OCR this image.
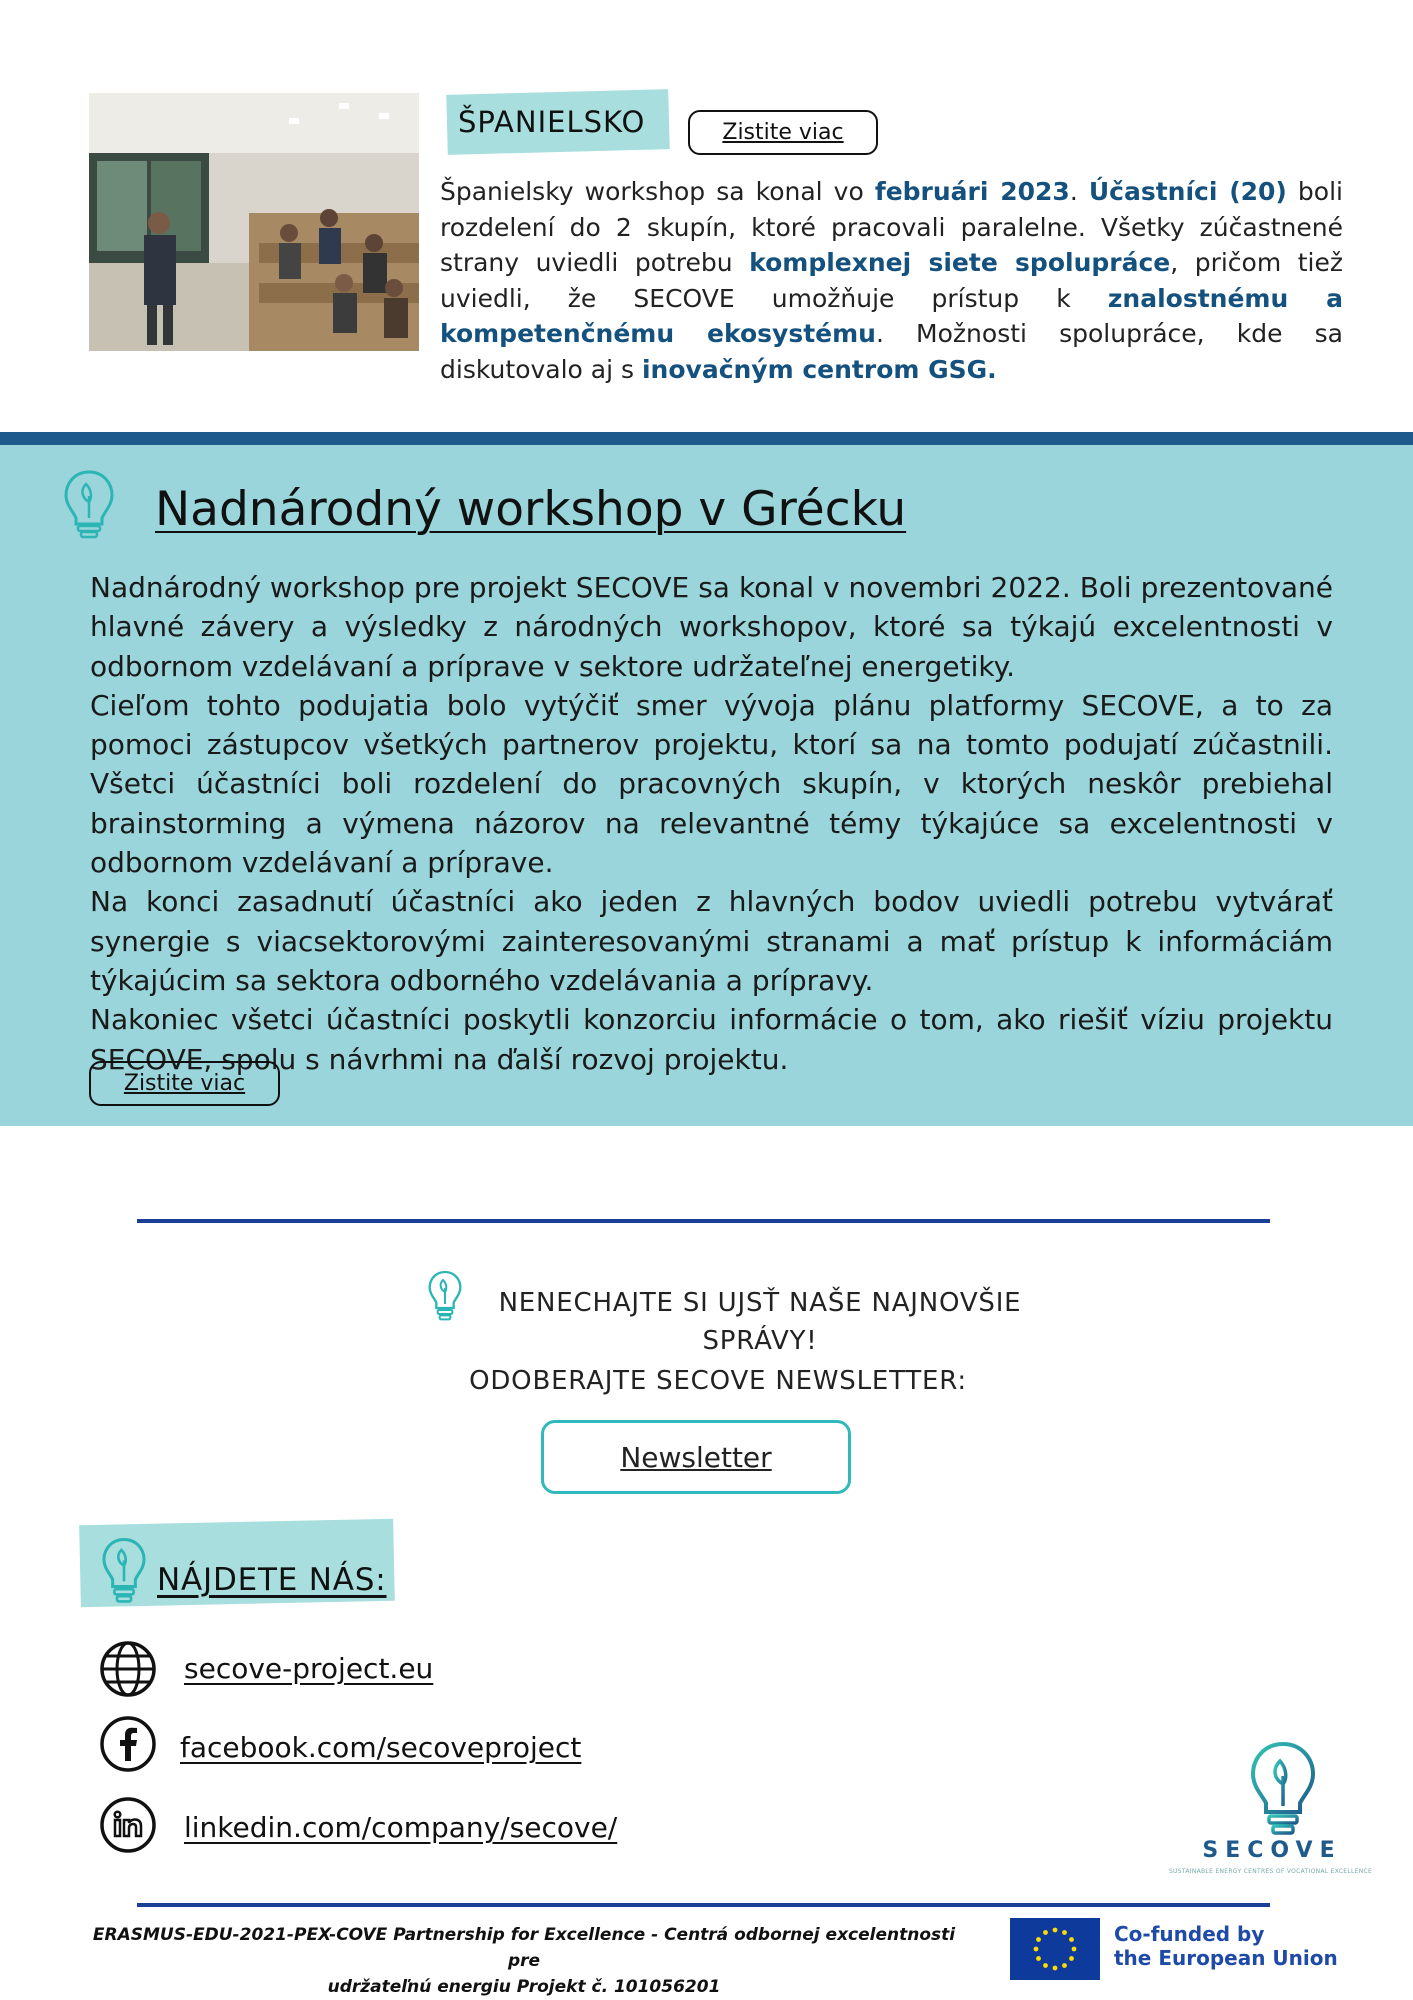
ŠPANIELSKO	Zistite viac
Španielsky workshop sa konal vo februári 2023. Účastníci (20) boli rozdelení do 2 skupín, ktoré pracovali paralelne. Všetky zúčastnené strany uviedli potrebu komplexnej siete spolupráce, pričom tiež uviedli, že SECOVE umožňuje prístup k znalostnému a kompetenčnému ekosystému. Možnosti spolupráce, kde sa diskutovalo aj s inovačným centrom GSG.
Nadnárodný workshop v Grécku

Nadnárodný workshop pre projekt SECOVE sa konal v novembri 2022. Boli prezentované hlavné závery a výsledky z národných workshopov, ktoré sa týkajú excelentnosti v odbornom vzdelávaní a príprave v sektore udržateľnej energetiky.

Cieľom tohto podujatia bolo vytýčiť smer vývoja plánu platformy SECOVE, a to za pomoci zástupcov všetkých partnerov projektu, ktorí sa na tomto podujatí zúčastnili. Všetci účastníci boli rozdelení do pracovných skupín, v ktorých neskôr prebiehal brainstorming a výmena názorov na relevantné témy týkajúce sa excelentnosti v odbornom vzdelávaní a príprave.

Na konci zasadnutí účastníci ako jeden z hlavných bodov uviedli potrebu vytvárať synergie s viacsektorovými zainteresovanými stranami a mať prístup k informáciám týkajúcim sa sektora odborného vzdelávania a prípravy.

Nakoniec všetci účastníci poskytli konzorciu informácie o tom, ako riešiť víziu projektu SECOVE, spolu s návrhmi na ďalší rozvoj projektu.

Zistite viac
NENECHAJTE SI UJSŤ NAŠE NAJNOVŠIE
SPRÁVY!
ODOBERAJTE SECOVE NEWSLETTER:
Newsletter
NÁJDETE NÁS:
secove-project.eu
facebook.com/secoveproject
linkedin.com/company/secove/
SECOVE
SUSTAINABLE ENERGY CENTRES OF VOCATIONAL EXCELLENCE
ERASMUS-EDU-2021-PEX-COVE Partnership for Excellence - Centrá odbornej excelentnosti pre
udržateľnú energiu Projekt č. 101056201
Co-funded by
the European Union
